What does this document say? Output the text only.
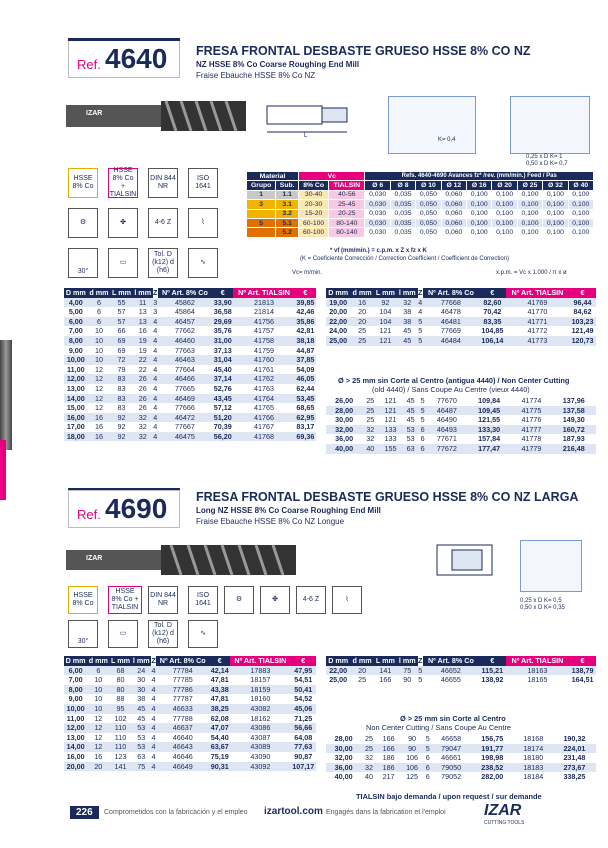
Ref. 4640 FRESA FRONTAL DESBASTE GRUESO HSSE 8% CO NZ
NZ HSSE 8% Co Coarse Roughing End Mill
Fraise Ebauche HSSE 8% Co NZ
IZAR
L
K= 0,4
0,25 x D K= 1
0,50 x D K= 0,7
HSSE 8% Co
HSSE 8% Co + TIALSIN
DIN 844 NR
ISO 1641
⚙	✤	4-6 Z	⌇
30°
▭
Tol. D (k12) d (h6)
∿
Material		Vc		Refs. 4640-4690 Avances fz* /rev. (mm/min.) Feed / Pas								
Grupo	Sub.	8% Co	TIALSIN	Ø 6	Ø 8	Ø 10	Ø 12	Ø 16	Ø 20	Ø 25	Ø 32	Ø 40
1	1.1	30-40	40-56	0,030	0,035	0,050	0,060	0,100	0,100	0,100	0,100	0,100
3	3.1	20-30	25-45	0,030	0,035	0,050	0,060	0,100	0,100	0,100	0,100	0,100
	3.2	15-20	20-25	0,030	0,035	0,050	0,060	0,100	0,100	0,100	0,100	0,100
5	5.1	60-100	80-140	0,030	0,035	0,050	0,060	0,100	0,100	0,100	0,100	0,100
	5.2	60-100	80-140	0,030	0,035	0,050	0,060	0,100	0,100	0,100	0,100	0,100
* vf (mm/min.) = c.p.m. x Z x fz x K
(K = Coeficiente Corrección / Correction Coefficient / Coefficient de Correction)
Vc= m/min.	x.p.m. = Vc x 1.000 / π x ø
D mm	d mm	L mm	l mm	Z	Nº Art. 8% Co	€	Nº Art. TIALSIN	€
4,00	6	55	11	3	45862	33,90	21813	39,85
5,00	6	57	13	3	45864	36,58	21814	42,46
6,00	6	57	13	4	46457	29,69	41756	35,86
7,00	10	66	16	4	77662	35,76	41757	42,81
8,00	10	69	19	4	46460	31,00	41758	38,18
9,00	10	69	19	4	77663	37,13	41759	44,87
10,00	10	72	22	4	46463	31,04	41760	37,85
11,00	12	79	22	4	77664	45,40	41761	54,09
12,00	12	83	26	4	46466	37,14	41762	46,05
13,00	12	83	26	4	77665	52,76	41763	62,44
14,00	12	83	26	4	46469	43,45	41764	53,45
15,00	12	83	26	4	77666	57,12	41765	68,65
16,00	16	92	32	4	46472	51,20	41766	62,95
17,00	16	92	32	4	77667	70,39	41767	83,17
18,00	16	92	32	4	46475	56,20	41768	69,36
D mm	d mm	L mm	l mm	Z	Nº Art. 8% Co	€	Nº Art. TIALSIN	€
19,00	16	92	32	4	77668	82,60	41769	96,44
20,00	20	104	38	4	46478	70,42	41770	84,62
22,00	20	104	38	5	46481	83,35	41771	103,23
24,00	25	121	45	5	77669	104,85	41772	121,49
25,00	25	121	45	5	46484	106,14	41773	120,73
Ø > 25 mm sin Corte al Centro (antigua 4440) / Non Center Cutting
(old 4440) / Sans Coupe Au Centre (vieux 4440)
26,00	25	121	45	5	77670	109,84	41774	137,96
28,00	25	121	45	5	46487	109,45	41775	137,58
30,00	25	121	45	5	46490	121,55	41776	149,30
32,00	32	133	53	6	46493	133,30	41777	160,72
36,00	32	133	53	6	77671	157,84	41778	187,93
40,00	40	155	63	6	77672	177,47	41779	216,48
Ref. 4690 FRESA FRONTAL DESBASTE GRUESO HSSE 8% CO NZ LARGA
Long NZ HSSE 8% Co Coarse Roughing End Mill
Fraise Ebauche HSSE 8% Co NZ Longue
IZAR
0,25 x D K= 0,5
0,50 x D K= 0,35
HSSE 8% Co
HSSE 8% Co + TIALSIN
DIN 844 NR
ISO 1641
⚙	✤	4-6 Z	⌇
30°
▭
Tol. D (k12) d (h6)
∿
D mm	d mm	L mm	l mm	Z	Nº Art. 8% Co	€	Nº Art. TIALSIN	€
6,00	6	68	24	4	77784	42,14	17883	47,95
7,00	10	80	30	4	77785	47,81	18157	54,51
8,00	10	80	30	4	77786	43,38	18159	50,41
9,00	10	88	38	4	77787	47,81	18160	54,52
10,00	10	95	45	4	46633	38,25	43082	45,06
11,00	12	102	45	4	77788	62,08	18162	71,25
12,00	12	110	53	4	46637	47,07	43086	56,66
13,00	12	110	53	4	46640	54,40	43087	64,08
14,00	12	110	53	4	46643	63,67	43089	77,63
16,00	16	123	63	4	46646	75,19	43090	90,87
20,00	20	141	75	4	46649	90,31	43092	107,17
D mm	d mm	L mm	l mm	Z	Nº Art. 8% Co	€	Nº Art. TIALSIN	€
22,00	20	141	75	5	46652	115,21	18163	138,79
25,00	25	166	90	5	46655	138,92	18165	164,51
Ø > 25 mm sin Corte al Centro
Non Center Cutting / Sans Coupe Au Centre
28,00	25	166	90	5	46658	156,75	18168	190,32
30,00	25	166	90	5	79047	191,77	18174	224,01
32,00	32	186	106	6	46661	198,98	18180	231,48
36,00	32	186	106	6	79050	238,52	18183	273,67
40,00	40	217	125	6	79052	282,00	18184	338,25
TIALSIN bajo demanda / upon request / sur demande
226	Comprometidos con la fabricación y el empleo izartool.com Engagés dans la fabrication et l'emploi IZAR
CUTTING TOOLS
